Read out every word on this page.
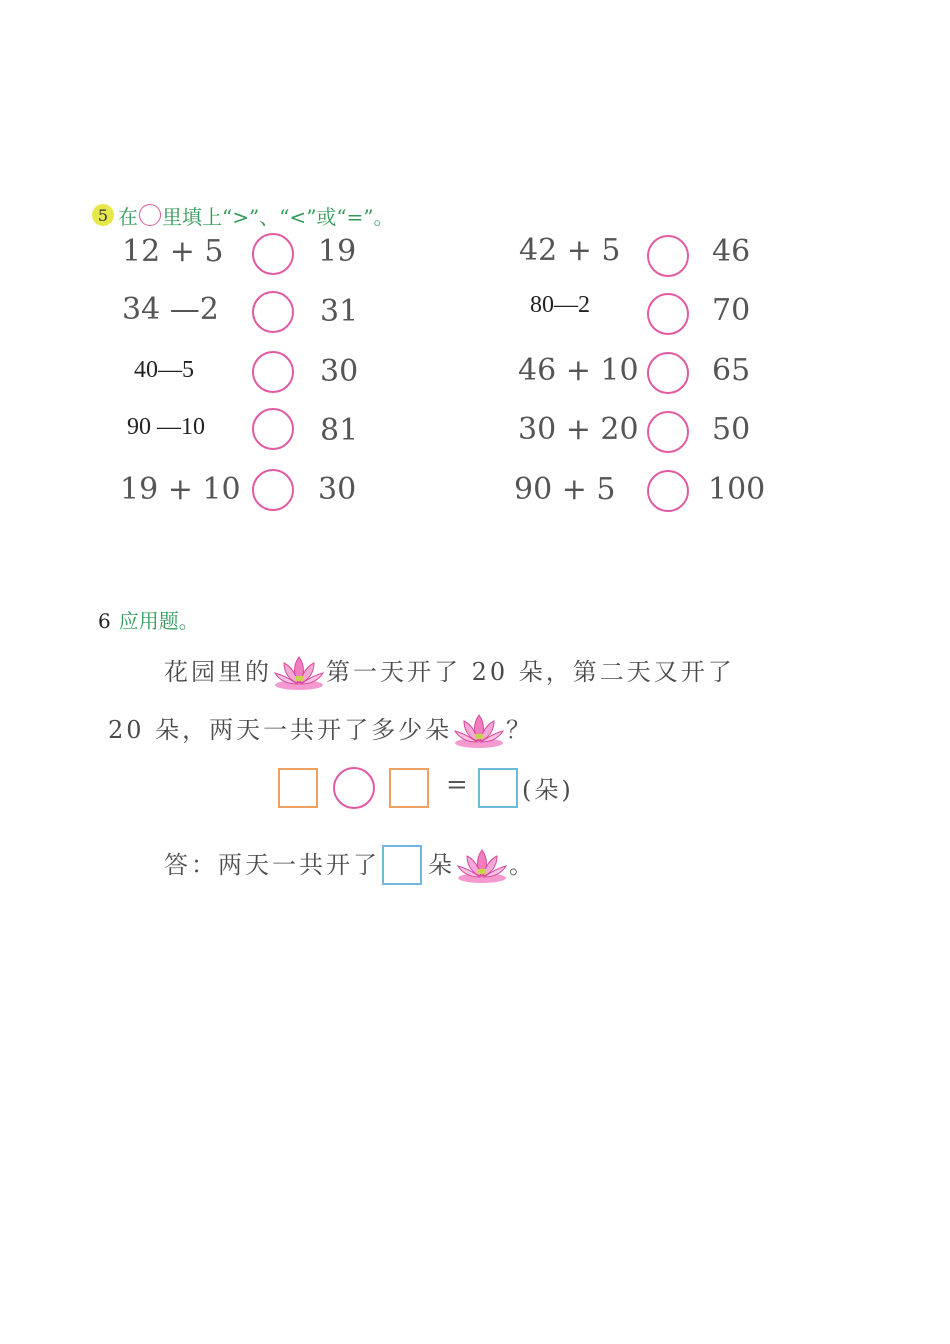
5 在 里填上“>”、“<”或“=”。
12 + 5	19
34 —2	31
40—5	30
90 —10	81
19 + 10	30
42 + 5	46
80—2	70
46 + 10 65
30 + 20 50
90 + 5	100
6 应用题。
花园里的 第一天开了 20 朵，第二天又开了
20 朵，两天一共开了多少朵 ？
= (朵)
答：两天一共开了 朵 。
